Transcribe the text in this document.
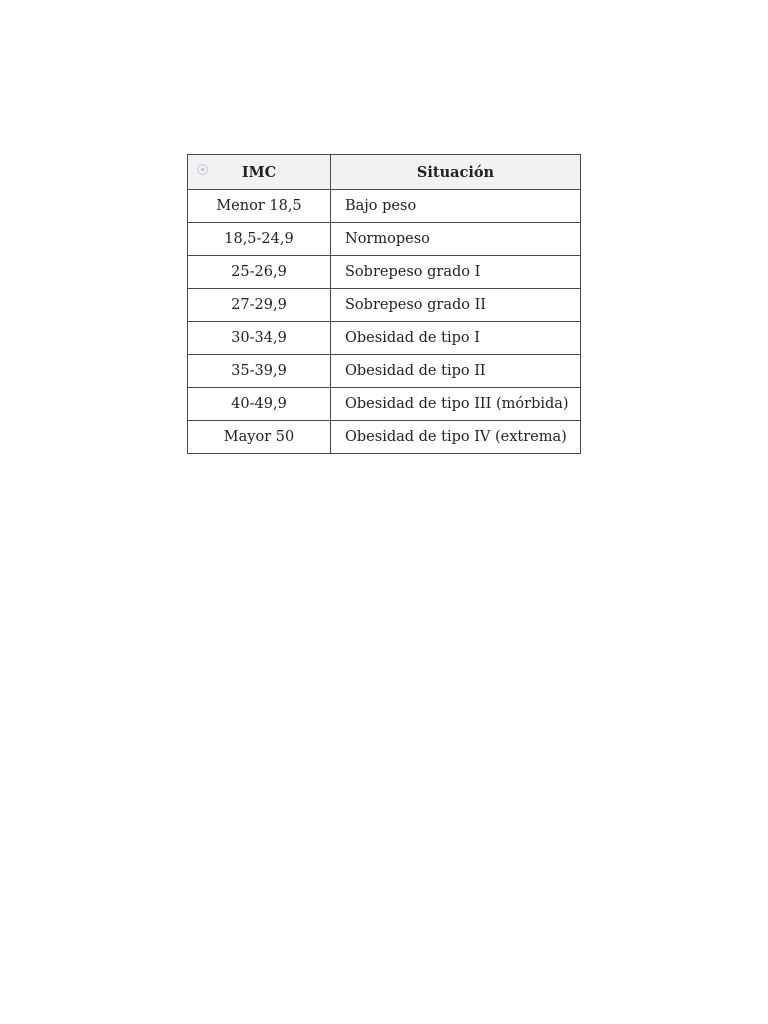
IMC	Situación
Menor 18,5	Bajo peso
18,5-24,9	Normopeso
25-26,9	Sobrepeso grado I
27-29,9	Sobrepeso grado II
30-34,9	Obesidad de tipo I
35-39,9	Obesidad de tipo II
40-49,9	Obesidad de tipo III (mórbida)
Mayor 50	Obesidad de tipo IV (extrema)
